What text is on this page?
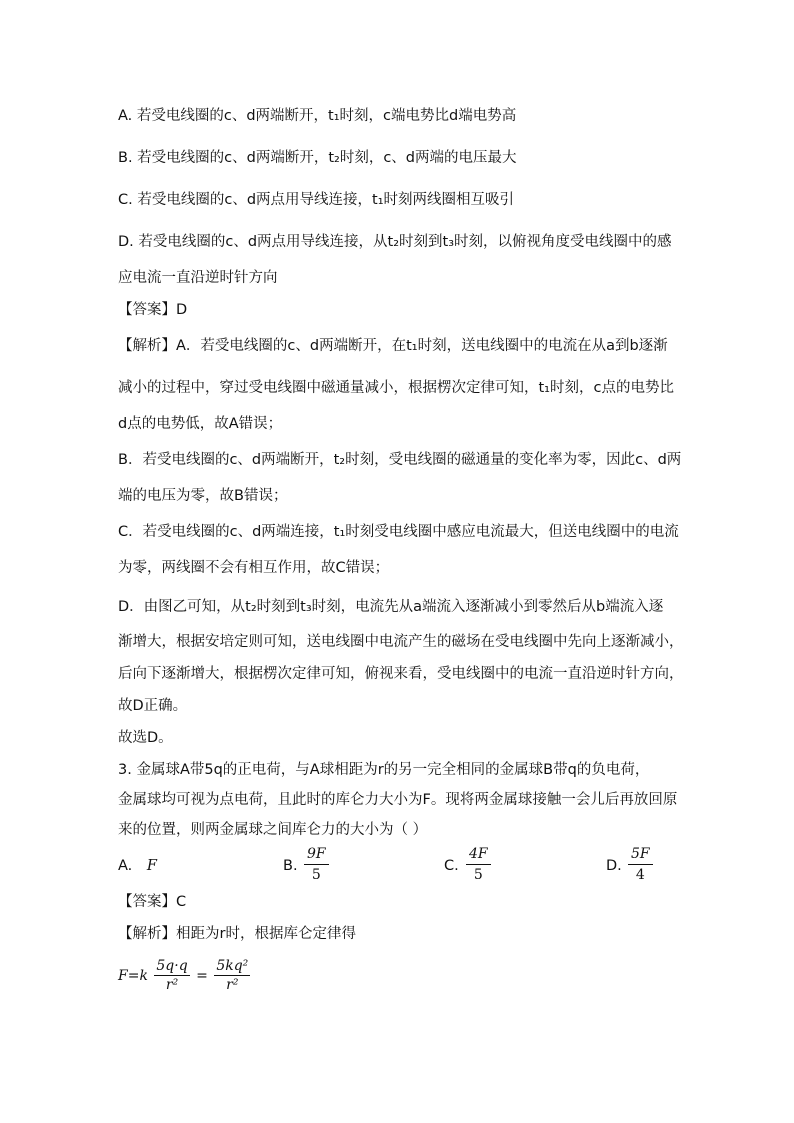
A. 若受电线圈的c、d两端断开，t₁时刻，c端电势比d端电势高
B. 若受电线圈的c、d两端断开，t₂时刻，c、d两端的电压最大
C. 若受电线圈的c、d两点用导线连接，t₁时刻两线圈相互吸引
D. 若受电线圈的c、d两点用导线连接，从t₂时刻到t₃时刻，以俯视角度受电线圈中的感
应电流一直沿逆时针方向
【答案】D
【解析】A．若受电线圈的c、d两端断开，在t₁时刻，送电线圈中的电流在从a到b逐渐
减小的过程中，穿过受电线圈中磁通量减小，根据楞次定律可知，t₁时刻，c点的电势比
d点的电势低，故A错误；
B．若受电线圈的c、d两端断开，t₂时刻，受电线圈的磁通量的变化率为零，因此c、d两
端的电压为零，故B错误；
C．若受电线圈的c、d两端连接，t₁时刻受电线圈中感应电流最大，但送电线圈中的电流
为零，两线圈不会有相互作用，故C错误；
D．由图乙可知，从t₂时刻到t₃时刻，电流先从a端流入逐渐减小到零然后从b端流入逐
渐增大，根据安培定则可知，送电线圈中电流产生的磁场在受电线圈中先向上逐渐减小，
后向下逐渐增大，根据楞次定律可知，俯视来看，受电线圈中的电流一直沿逆时针方向，
故D正确。
故选D。
3. 金属球A带5q的正电荷，与A球相距为r的另一完全相同的金属球B带q的负电荷，
金属球均可视为点电荷，且此时的库仑力大小为F。现将两金属球接触一会儿后再放回原
来的位置，则两金属球之间库仑力的大小为（ ）
A. F	B. $\frac{9F}{5}$	C. $\frac{4F}{5}$	D. $\frac{5F}{4}$
【答案】C
【解析】相距为r时，根据库仑定律得
$F=k \frac{5q\cdot q}{\text{r²}} = \frac{\text{5kq²}}{\text{r²}}$
